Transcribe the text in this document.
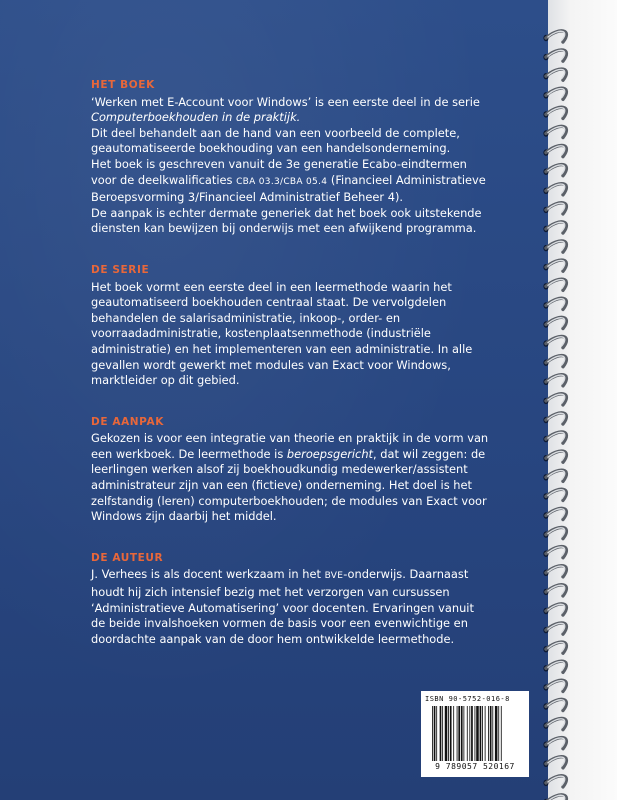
HET BOEK

‘Werken met E-Account voor Windows’ is een eerste deel in de serie
Computerboekhouden in de praktijk.

Dit deel behandelt aan de hand van een voorbeeld de complete, geautomatiseerde boekhouding van een handelsonderneming.

Het boek is geschreven vanuit de 3e generatie Ecabo-eindtermen voor de deelkwalificaties CBA 03.3/CBA 05.4 (Financieel Administratieve Beroepsvorming 3/Financieel Administratief Beheer 4).

De aanpak is echter dermate generiek dat het boek ook uitstekende diensten kan bewijzen bij onderwijs met een afwijkend programma.

DE SERIE

Het boek vormt een eerste deel in een leermethode waarin het geautomatiseerd boekhouden centraal staat. De vervolgdelen behandelen de salarisadministratie, inkoop-, order- en voorraadadministratie, kostenplaatsenmethode (industriële administratie) en het implementeren van een administratie. In alle gevallen wordt gewerkt met modules van Exact voor Windows, marktleider op dit gebied.

DE AANPAK

Gekozen is voor een integratie van theorie en praktijk in de vorm van een werkboek. De leermethode is beroepsgericht, dat wil zeggen: de leerlingen werken alsof zij boekhoudkundig medewerker/assistent administrateur zijn van een (fictieve) onderneming. Het doel is het zelfstandig (leren) computerboekhouden; de modules van Exact voor Windows zijn daarbij het middel.

DE AUTEUR

J. Verhees is als docent werkzaam in het BVE-onderwijs. Daarnaast houdt hij zich intensief bezig met het verzorgen van cursussen ‘Administratieve Automatisering’ voor docenten. Ervaringen vanuit de beide invalshoeken vormen de basis voor een evenwichtige en doordachte aanpak van de door hem ontwikkelde leermethode.

ISBN 90-5752-016-8
9 789057 520167
